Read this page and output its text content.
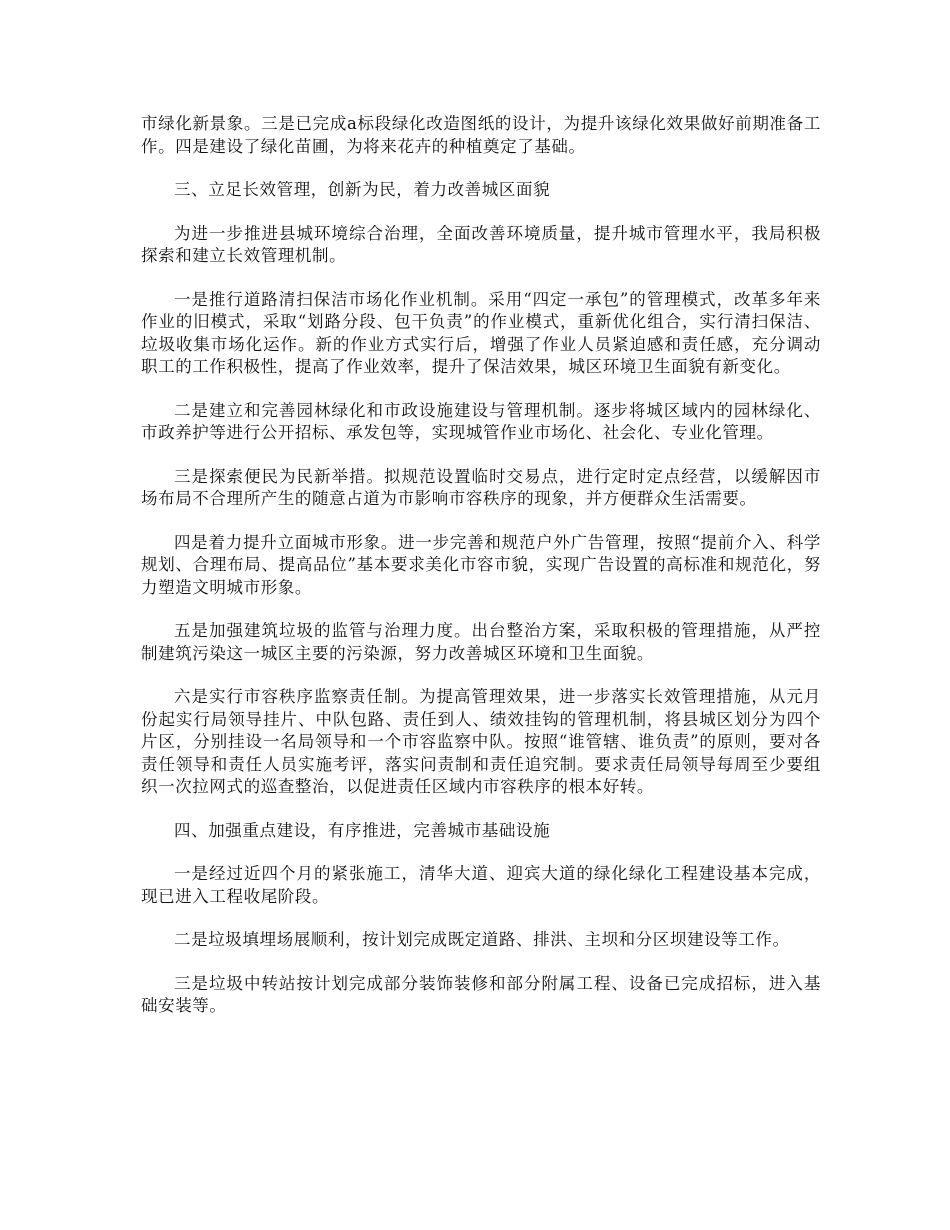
市绿化新景象。三是已完成a标段绿化改造图纸的设计，为提升该绿化效果做好前期准备工作。四是建设了绿化苗圃，为将来花卉的种植奠定了基础。

三、立足长效管理，创新为民，着力改善城区面貌

为进一步推进县城环境综合治理，全面改善环境质量，提升城市管理水平，我局积极探索和建立长效管理机制。

一是推行道路清扫保洁市场化作业机制。采用“四定一承包”的管理模式，改革多年来作业的旧模式，采取“划路分段、包干负责”的作业模式，重新优化组合，实行清扫保洁、垃圾收集市场化运作。新的作业方式实行后，增强了作业人员紧迫感和责任感，充分调动职工的工作积极性，提高了作业效率，提升了保洁效果，城区环境卫生面貌有新变化。

二是建立和完善园林绿化和市政设施建设与管理机制。逐步将城区域内的园林绿化、市政养护等进行公开招标、承发包等，实现城管作业市场化、社会化、专业化管理。

三是探索便民为民新举措。拟规范设置临时交易点，进行定时定点经营，以缓解因市场布局不合理所产生的随意占道为市影响市容秩序的现象，并方便群众生活需要。

四是着力提升立面城市形象。进一步完善和规范户外广告管理，按照“提前介入、科学规划、合理布局、提高品位”基本要求美化市容市貌，实现广告设置的高标准和规范化，努力塑造文明城市形象。

五是加强建筑垃圾的监管与治理力度。出台整治方案，采取积极的管理措施，从严控制建筑污染这一城区主要的污染源，努力改善城区环境和卫生面貌。

六是实行市容秩序监察责任制。为提高管理效果，进一步落实长效管理措施，从元月份起实行局领导挂片、中队包路、责任到人、绩效挂钩的管理机制，将县城区划分为四个片区，分别挂设一名局领导和一个市容监察中队。按照“谁管辖、谁负责”的原则，要对各责任领导和责任人员实施考评，落实问责制和责任追究制。要求责任局领导每周至少要组织一次拉网式的巡查整治，以促进责任区域内市容秩序的根本好转。

四、加强重点建设，有序推进，完善城市基础设施

一是经过近四个月的紧张施工，清华大道、迎宾大道的绿化绿化工程建设基本完成，现已进入工程收尾阶段。

二是垃圾填埋场展顺利，按计划完成既定道路、排洪、主坝和分区坝建设等工作。

三是垃圾中转站按计划完成部分装饰装修和部分附属工程、设备已完成招标，进入基础安装等。
